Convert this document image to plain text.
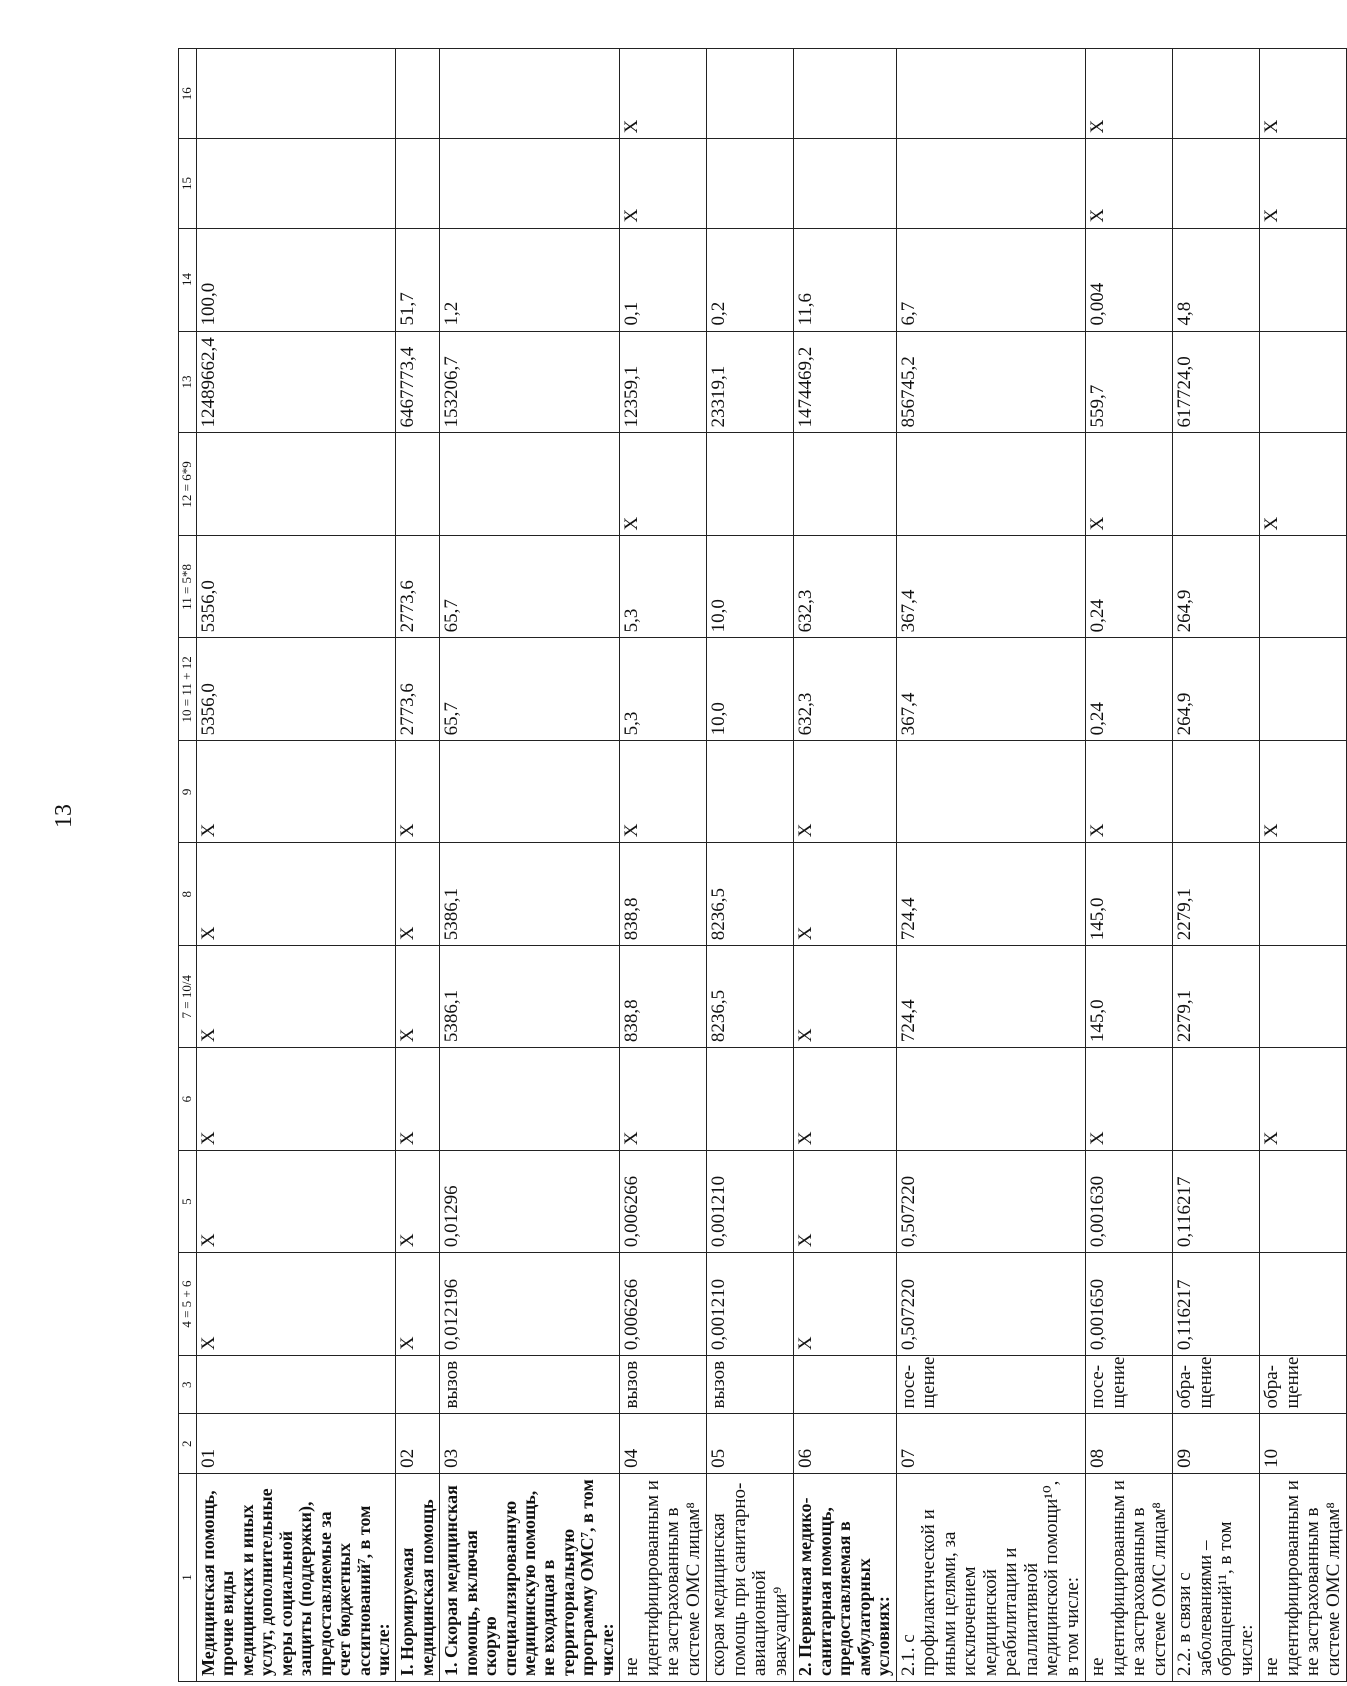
13
1	2	3	4 = 5 + 6	5	6	7 = 10/4	8	9	10 = 11 + 12	11 = 5*8	12 = 6*9	13	14	15	16
Медицинская помощь, прочие виды медицинских и иных услуг, дополнительные меры социальной защиты (поддержки), предоставляемые за счет бюджетных ассигнований⁷, в том числе:	01		X	X	X	X	X	X	5356,0	5356,0		12489662,4	100,0		
I. Нормируемая медицинская помощь	02		X	X	X	X	X	X	2773,6	2773,6		6467773,4	51,7		
1. Скорая медицинская помощь, включая скорую специализированную медицинскую помощь, не входящая в территориальную программу ОМС⁷, в том числе:	03	вызов	0,012196	0,01296		5386,1	5386,1		65,7	65,7		153206,7	1,2		
не идентифицированным и не застрахованным в системе ОМС лицам⁸	04	вызов	0,006266	0,006266	X	838,8	838,8	X	5,3	5,3	X	12359,1	0,1	X	X
скорая медицинская помощь при санитарно-авиационной эвакуации⁹	05	вызов	0,001210	0,001210		8236,5	8236,5		10,0	10,0		23319,1	0,2		
2. Первичная медико-санитарная помощь, предоставляемая в амбулаторных условиях:	06		X	X	X	X	X	X	632,3	632,3		1474469,2	11,6		
2.1. с профилактической и иными целями, за исключением медицинской реабилитации и паллиативной медицинской помощи¹⁰, в том числе:	07	посе-щение	0,507220	0,507220		724,4	724,4		367,4	367,4		856745,2	6,7		
не идентифицированным и не застрахованным в системе ОМС лицам⁸	08	посе-щение	0,001650	0,001630	X	145,0	145,0	X	0,24	0,24	X	559,7	0,004	X	X
2.2. в связи с заболеваниями – обращений¹¹, в том числе:	09	обра-щение	0,116217	0,116217		2279,1	2279,1		264,9	264,9		617724,0	4,8		
не идентифицированным и не застрахованным в системе ОМС лицам⁸	10	обра-щение			X			X			X			X	X
